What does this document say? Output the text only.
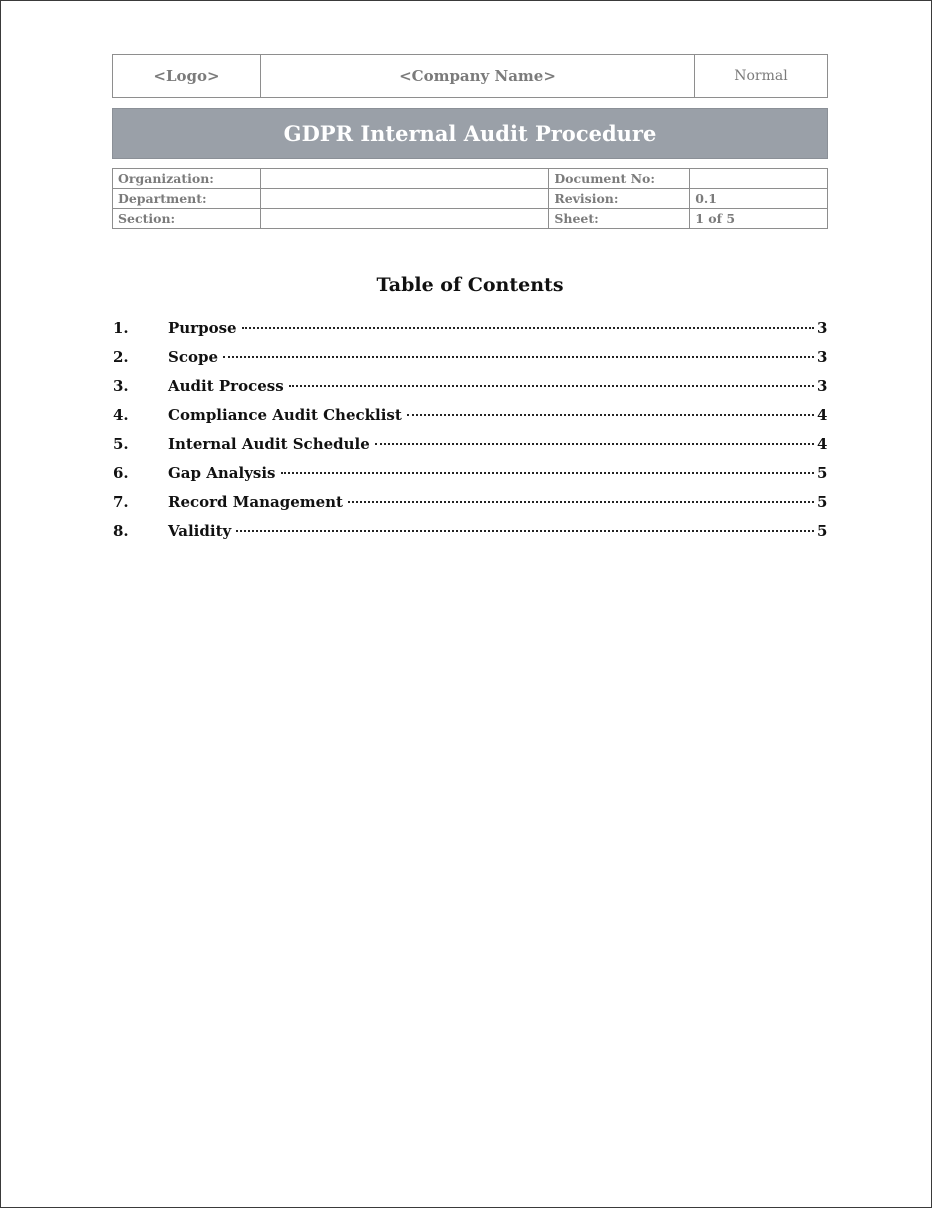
<Logo>	<Company Name>	Normal
GDPR Internal Audit Procedure
Organization:		Document No:	
Department:		Revision:	0.1
Section:		Sheet:	1 of 5
Table of Contents
1.	Purpose	3
2.	Scope	3
3.	Audit Process	3
4.	Compliance Audit Checklist	4
5.	Internal Audit Schedule	4
6.	Gap Analysis	5
7.	Record Management	5
8.	Validity	5
